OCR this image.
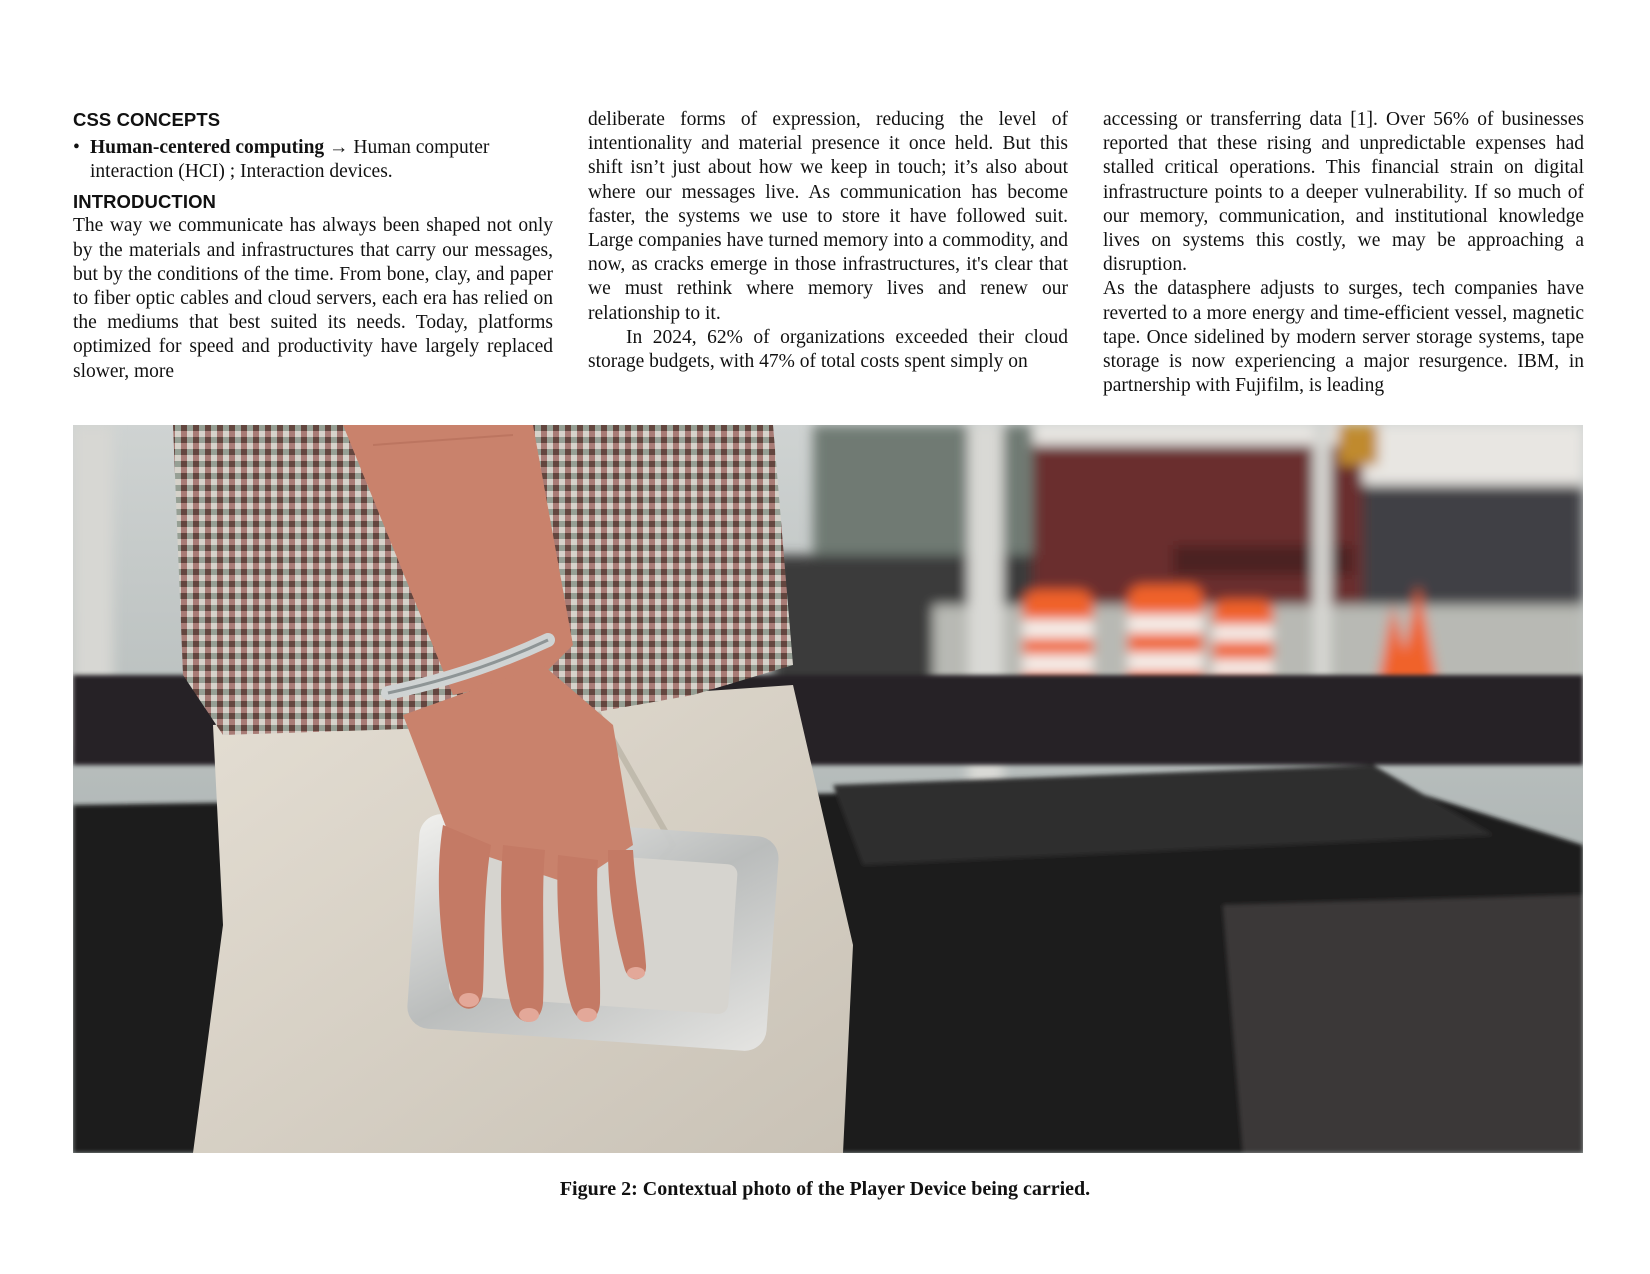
CSS CONCEPTS
• Human-centered computing → Human computer interaction (HCI) ; Interaction devices.
INTRODUCTION

The way we communicate has always been shaped not only by the materials and infrastructures that carry our messages, but by the conditions of the time. From bone, clay, and paper to fiber optic cables and cloud servers, each era has relied on the mediums that best suited its needs. Today, platforms optimized for speed and productivity have largely replaced slower, more

deliberate forms of expression, reducing the level of intentionality and material presence it once held. But this shift isn’t just about how we keep in touch; it’s also about where our messages live. As communication has become faster, the systems we use to store it have followed suit. Large companies have turned memory into a commodity, and now, as cracks emerge in those infrastructures, it's clear that we must rethink where memory lives and renew our relationship to it.

In 2024, 62% of organizations exceeded their cloud storage budgets, with 47% of total costs spent simply on

accessing or transferring data [1]. Over 56% of businesses reported that these rising and unpredictable expenses had stalled critical operations. This financial strain on digital infrastructure points to a deeper vulnerability. If so much of our memory, communication, and institutional knowledge lives on systems this costly, we may be approaching a disruption.

As the datasphere adjusts to surges, tech companies have reverted to a more energy and time-efficient vessel, magnetic tape. Once sidelined by modern server storage systems, tape storage is now experiencing a major resurgence. IBM, in partnership with Fujifilm, is leading

Figure 2: Contextual photo of the Player Device being carried.
